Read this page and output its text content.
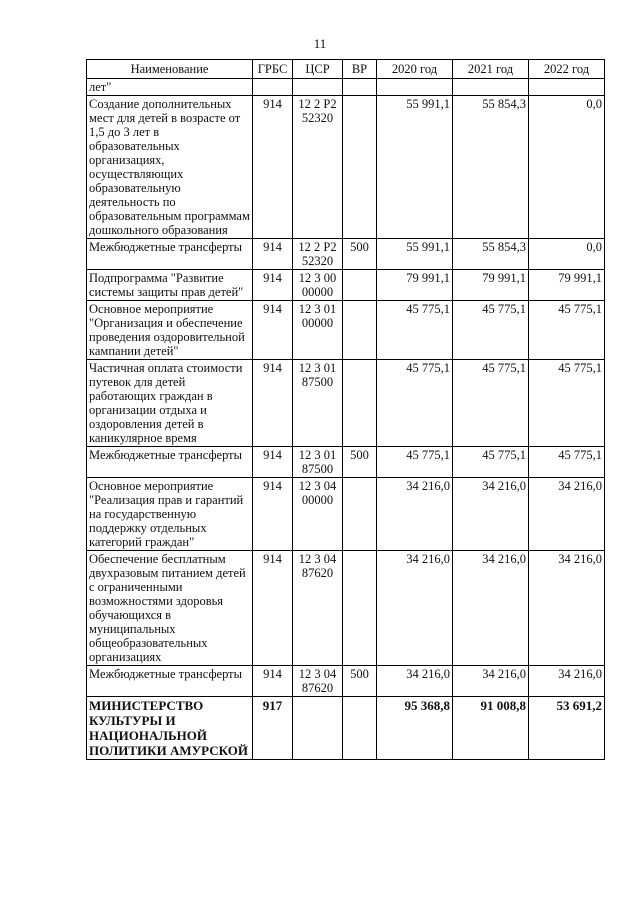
11
Наименование	ГРБС	ЦСР	ВР	2020 год	2021 год	2022 год
лет"						
Создание дополнительных мест для детей в возрасте от 1,5 до 3 лет в образовательных организациях, осуществляющих образовательную деятельность по образовательным программам дошкольного образования	914	12 2 P2 52320		55 991,1	55 854,3	0,0
Межбюджетные трансферты	914	12 2 P2 52320	500	55 991,1	55 854,3	0,0
Подпрограмма "Развитие системы защиты прав детей"	914	12 3 00 00000		79 991,1	79 991,1	79 991,1
Основное мероприятие "Организация и обеспечение проведения оздоровительной кампании детей"	914	12 3 01 00000		45 775,1	45 775,1	45 775,1
Частичная оплата стоимости путевок для детей работающих граждан в организации отдыха и оздоровления детей в каникулярное время	914	12 3 01 87500		45 775,1	45 775,1	45 775,1
Межбюджетные трансферты	914	12 3 01 87500	500	45 775,1	45 775,1	45 775,1
Основное мероприятие "Реализация прав и гарантий на государственную поддержку отдельных категорий граждан"	914	12 3 04 00000		34 216,0	34 216,0	34 216,0
Обеспечение бесплатным двухразовым питанием детей с ограниченными возможностями здоровья обучающихся в муниципальных общеобразовательных организациях	914	12 3 04 87620		34 216,0	34 216,0	34 216,0
Межбюджетные трансферты	914	12 3 04 87620	500	34 216,0	34 216,0	34 216,0
МИНИСТЕРСТВО КУЛЬТУРЫ И НАЦИОНАЛЬНОЙ ПОЛИТИКИ АМУРСКОЙ	917			95 368,8	91 008,8	53 691,2
